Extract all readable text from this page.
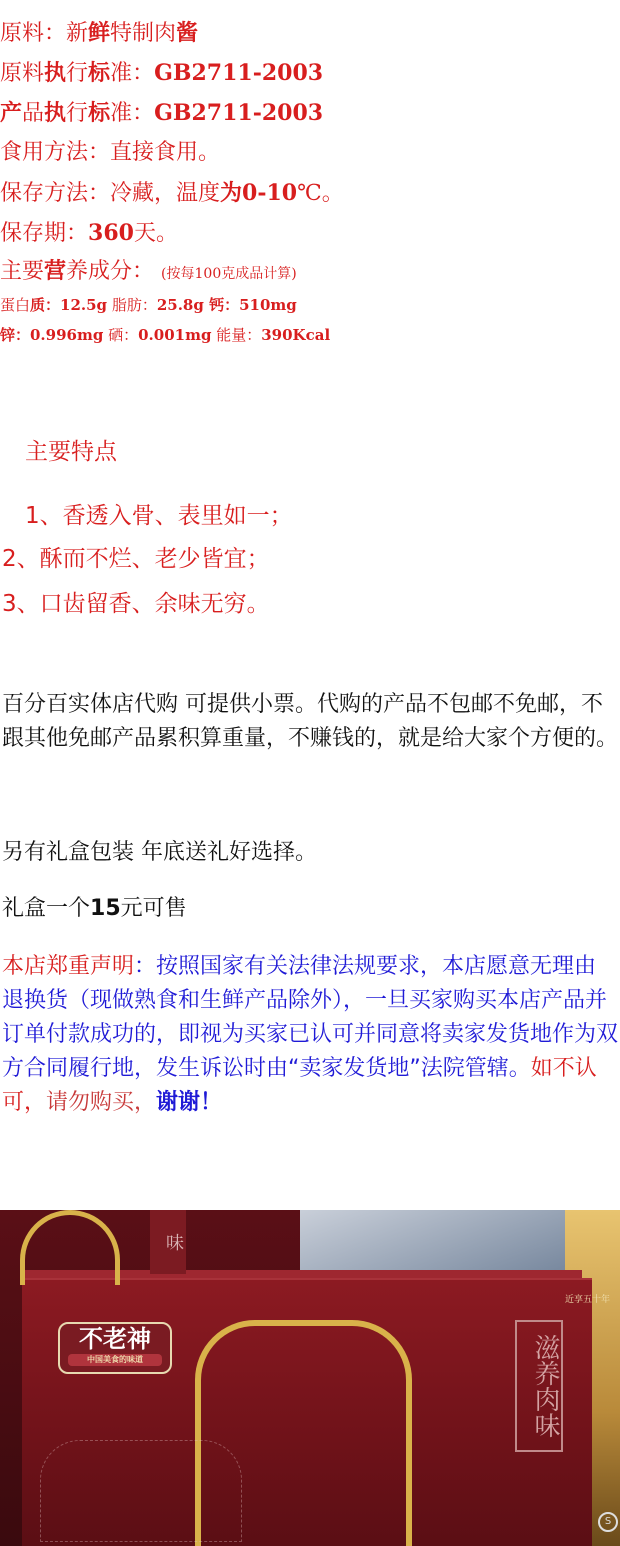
原料：新鲜特制肉酱
原料执行标准：GB2711-2003
产品执行标准：GB2711-2003
食用方法：直接食用。
保存方法：冷藏，温度为0-10℃。
保存期：360天。
主要营养成分： (按每100克成品计算)
蛋白质：12.5g 脂肪：25.8g 钙：510mg
锌：0.996mg 硒：0.001mg 能量：390Kcal
主要特点
1、香透入骨、表里如一；
2、酥而不烂、老少皆宜；
3、口齿留香、余味无穷。
百分百实体店代购 可提供小票。代购的产品不包邮不免邮，不跟其他免邮产品累积算重量，不赚钱的，就是给大家个方便的。
另有礼盒包装 年底送礼好选择。
礼盒一个15元可售
本店郑重声明：按照国家有关法律法规要求，本店愿意无理由退换货（现做熟食和生鲜产品除外），一旦买家购买本店产品并订单付款成功的，即视为买家已认可并同意将卖家发货地作为双方合同履行地，发生诉讼时由“卖家发货地”法院管辖。如不认可，请勿购买，谢谢！
味
近享五十年
不老神
中国美食的味道	滋养肉味
S
